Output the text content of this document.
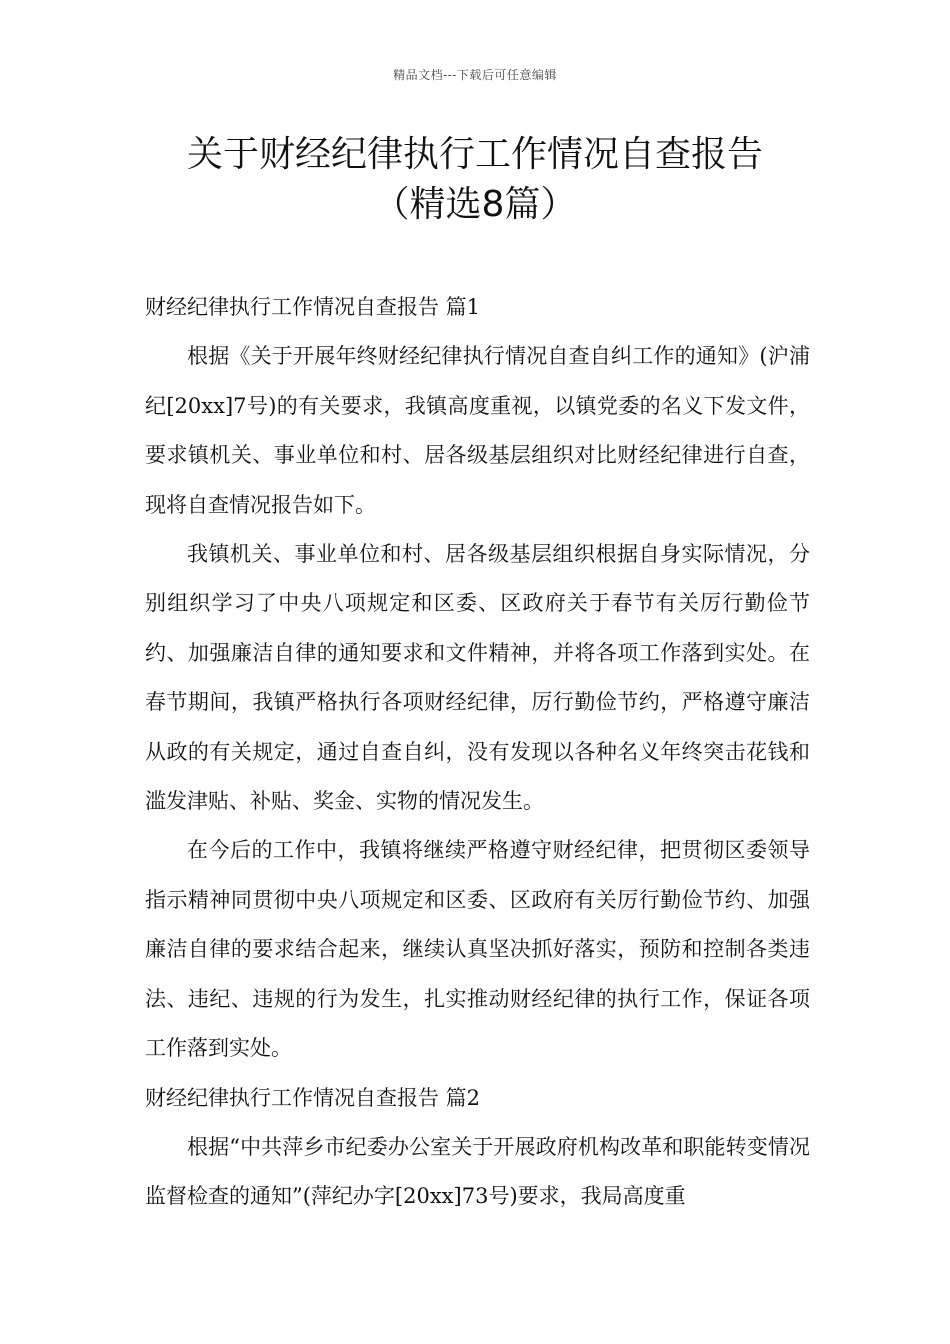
精品文档---下载后可任意编辑
关于财经纪律执行工作情况自查报告
（精选8篇）
财经纪律执行工作情况自查报告 篇1

根据《关于开展年终财经纪律执行情况自查自纠工作的通知》(沪浦纪[20xx]7号)的有关要求，我镇高度重视，以镇党委的名义下发文件，要求镇机关、事业单位和村、居各级基层组织对比财经纪律进行自查，现将自查情况报告如下。

我镇机关、事业单位和村、居各级基层组织根据自身实际情况，分别组织学习了中央八项规定和区委、区政府关于春节有关厉行勤俭节约、加强廉洁自律的通知要求和文件精神，并将各项工作落到实处。在春节期间，我镇严格执行各项财经纪律，厉行勤俭节约，严格遵守廉洁从政的有关规定，通过自查自纠，没有发现以各种名义年终突击花钱和滥发津贴、补贴、奖金、实物的情况发生。

在今后的工作中，我镇将继续严格遵守财经纪律，把贯彻区委领导指示精神同贯彻中央八项规定和区委、区政府有关厉行勤俭节约、加强廉洁自律的要求结合起来，继续认真坚决抓好落实，预防和控制各类违法、违纪、违规的行为发生，扎实推动财经纪律的执行工作，保证各项工作落到实处。

财经纪律执行工作情况自查报告 篇2

根据“中共萍乡市纪委办公室关于开展政府机构改革和职能转变情况监督检查的通知”(萍纪办字[20xx]73号)要求，我局高度重
